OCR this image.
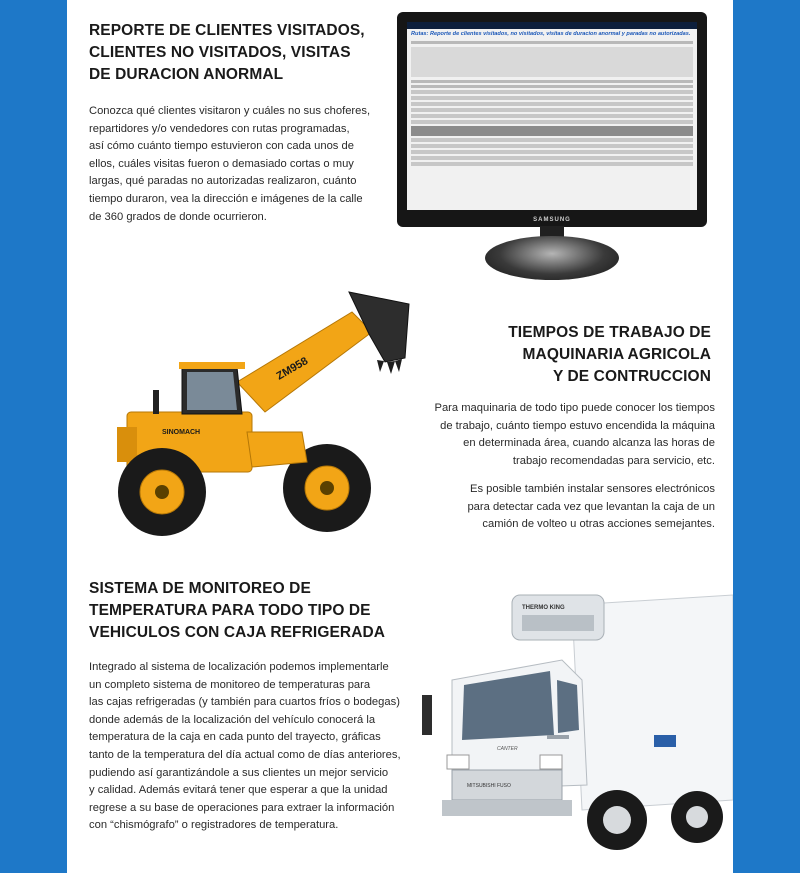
REPORTE DE CLIENTES VISITADOS,
CLIENTES NO VISITADOS, VISITAS
DE DURACION ANORMAL

Conozca qué clientes visitaron y cuáles no sus choferes,
repartidores y/o vendedores con rutas programadas,
así cómo cuánto tiempo estuvieron con cada unos de
ellos, cuáles visitas fueron o demasiado cortas o muy
largas, qué paradas no autorizadas realizaron, cuánto
tiempo duraron, vea la dirección e imágenes de la calle
de 360 grados de donde ocurrieron.

Rutas: Reporte de clientes visitados, no visitados, visitas de duracion anormal y paradas no autorizadas.
SAMSUNG
ZM958
SINOMACH
TIEMPOS DE TRABAJO DE
MAQUINARIA AGRICOLA
Y DE CONTRUCCION

Para maquinaria de todo tipo puede conocer los tiempos
de trabajo, cuánto tiempo estuvo encendida la máquina
en determinada área, cuando alcanza las horas de
trabajo recomendadas para servicio, etc.

Es posible también instalar sensores electrónicos
para detectar cada vez que levantan la caja de un
camión de volteo u otras acciones semejantes.

SISTEMA DE MONITOREO DE
TEMPERATURA PARA TODO TIPO DE
VEHICULOS CON CAJA REFRIGERADA

Integrado al sistema de localización podemos implementarle
un completo sistema de monitoreo de temperaturas para
las cajas refrigeradas (y también para cuartos fríos o bodegas)
donde además de la localización del vehículo conocerá la
temperatura de la caja en cada punto del trayecto, gráficas
tanto de la temperatura del día actual como de días anteriores,
pudiendo así garantizándole a sus clientes un mejor servicio
y calidad. Además evitará tener que esperar a que la unidad
regrese a su base de operaciones para extraer la información
con “chismógrafo” o registradores de temperatura.

THERMO KING
CANTER
MITSUBISHI FUSO
